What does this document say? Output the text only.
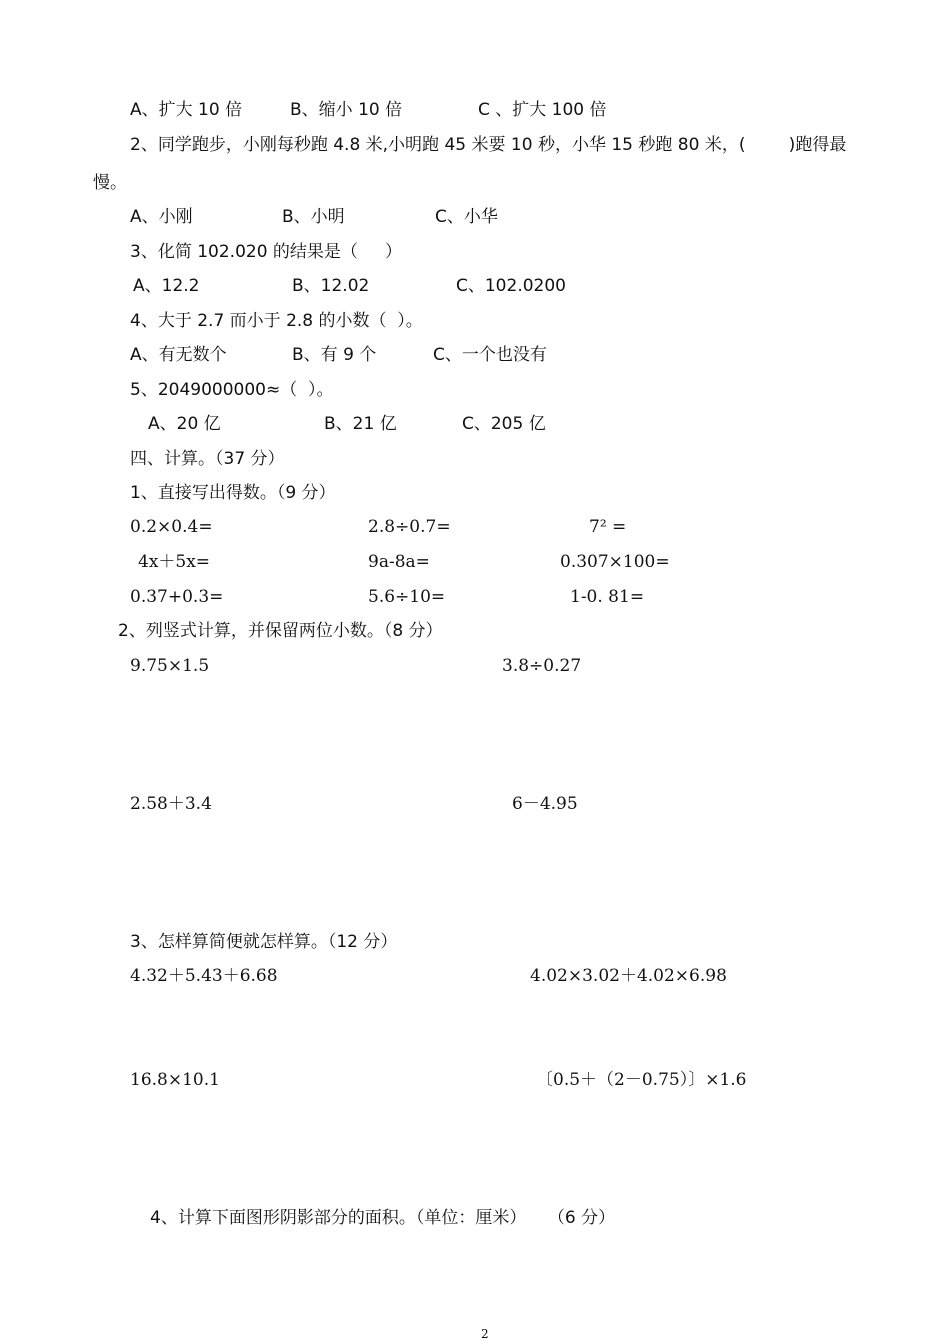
A、扩大 10 倍	B、缩小 10 倍	C 、扩大 100 倍
2、同学跑步，小刚每秒跑 4.8 米,小明跑 45 米要 10 秒，小华 15 秒跑 80 米，(        )跑得最
慢。
A、小刚	B、小明	C、小华
3、化简 102.020 的结果是（     ）
A、12.2	B、12.02	C、102.0200
4、大于 2.7 而小于 2.8 的小数（  ）。
A、有无数个	B、有 9 个	C、一个也没有
5、2049000000≈（  ）。
A、20 亿	B、21 亿	C、205 亿
四、计算。（37 分）
1、直接写出得数。（9 分）
0.2×0.4=	2.8÷0.7=	7² =
4x＋5x=	9a-8a=	0.307×100=
0.37+0.3=	5.6÷10=	1-0. 81=
2、列竖式计算，并保留两位小数。（8 分）
9.75×1.5	3.8÷0.27
2.58＋3.4	6－4.95
3、怎样算简便就怎样算。（12 分）
4.32＋5.43＋6.68	4.02×3.02＋4.02×6.98
16.8×10.1	〔0.5＋（2－0.75）〕×1.6
4、计算下面图形阴影部分的面积。（单位：厘米）    （6 分）
2
